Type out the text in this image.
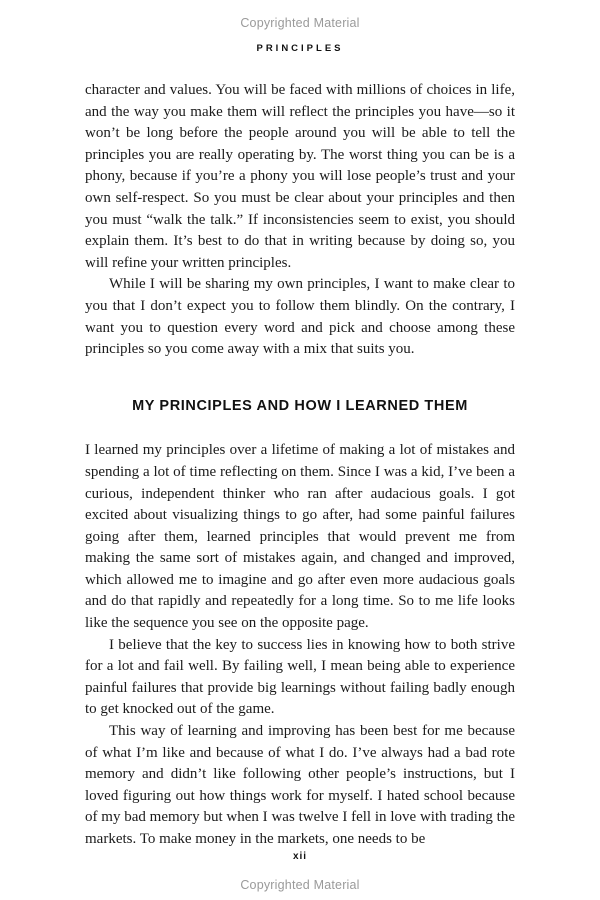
Copyrighted Material
PRINCIPLES

character and values. You will be faced with millions of choices in life, and the way you make them will reflect the principles you have—so it won’t be long before the people around you will be able to tell the principles you are really operating by. The worst thing you can be is a phony, because if you’re a phony you will lose people’s trust and your own self-respect. So you must be clear about your principles and then you must “walk the talk.” If inconsistencies seem to exist, you should explain them. It’s best to do that in writing because by doing so, you will refine your written principles.

While I will be sharing my own principles, I want to make clear to you that I don’t expect you to follow them blindly. On the contrary, I want you to question every word and pick and choose among these principles so you come away with a mix that suits you.

MY PRINCIPLES AND HOW I LEARNED THEM

I learned my principles over a lifetime of making a lot of mistakes and spending a lot of time reflecting on them. Since I was a kid, I’ve been a curious, independent thinker who ran after audacious goals. I got excited about visualizing things to go after, had some painful failures going after them, learned principles that would prevent me from making the same sort of mistakes again, and changed and improved, which allowed me to imagine and go after even more audacious goals and do that rapidly and repeatedly for a long time. So to me life looks like the sequence you see on the opposite page.

I believe that the key to success lies in knowing how to both strive for a lot and fail well. By failing well, I mean being able to experience painful failures that provide big learnings without failing badly enough to get knocked out of the game.

This way of learning and improving has been best for me because of what I’m like and because of what I do. I’ve always had a bad rote memory and didn’t like following other people’s instructions, but I loved figuring out how things work for myself. I hated school because of my bad memory but when I was twelve I fell in love with trading the markets. To make money in the markets, one needs to be

xii
Copyrighted Material
